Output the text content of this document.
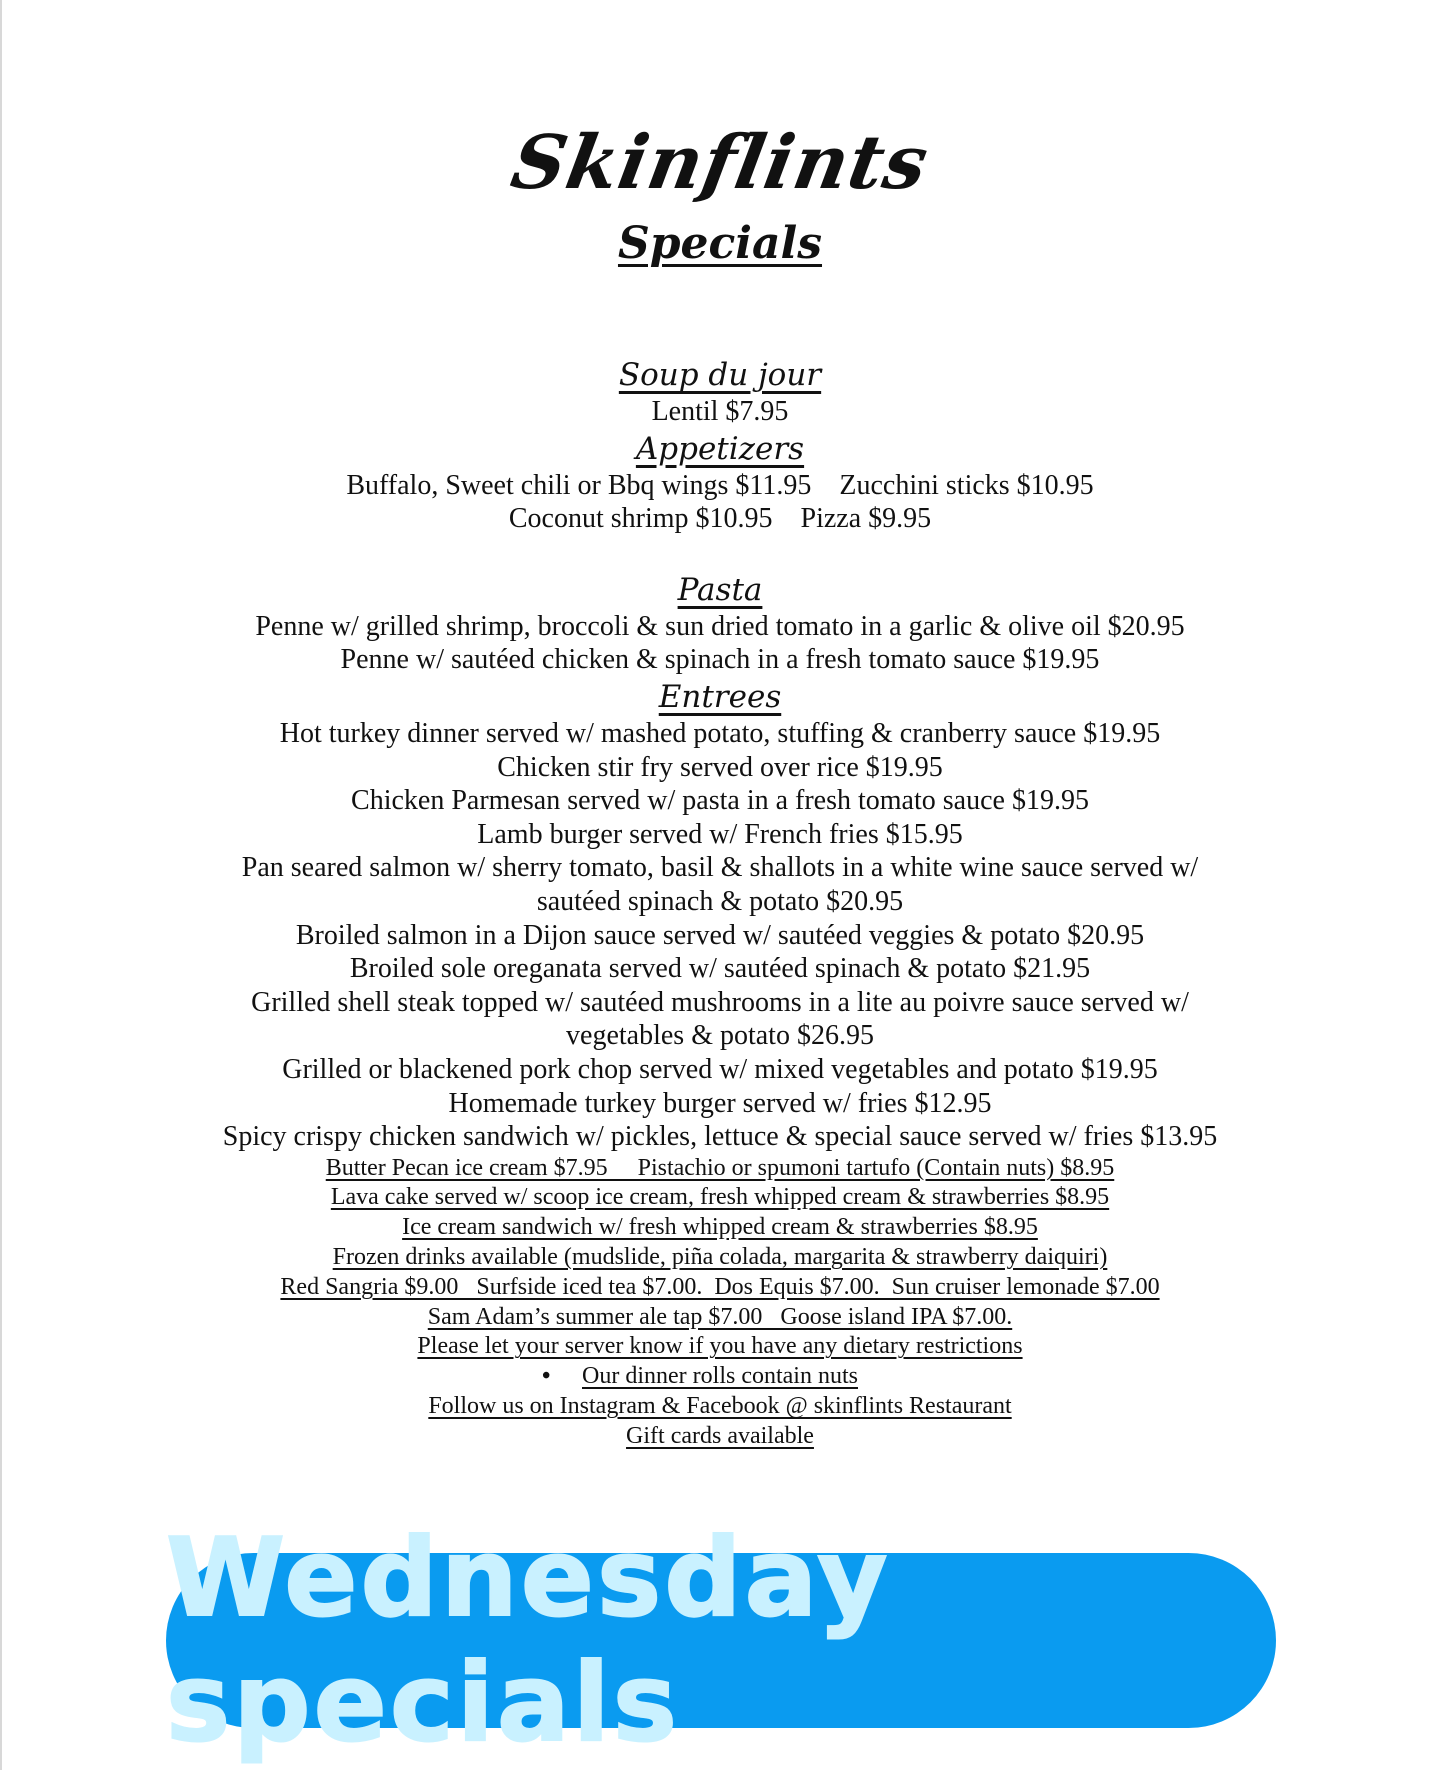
Skinflints
Specials

Soup du jour

Lentil $7.95

Appetizers

Buffalo, Sweet chili or Bbq wings $11.95    Zucchini sticks $10.95

Coconut shrimp $10.95    Pizza $9.95

Pasta

Penne w/ grilled shrimp, broccoli & sun dried tomato in a garlic & olive oil $20.95

Penne w/ sautéed chicken & spinach in a fresh tomato sauce $19.95

Entrees

Hot turkey dinner served w/ mashed potato, stuffing & cranberry sauce $19.95

Chicken stir fry served over rice $19.95

Chicken Parmesan served w/ pasta in a fresh tomato sauce $19.95

Lamb burger served w/ French fries $15.95

Pan seared salmon w/ sherry tomato, basil & shallots in a white wine sauce served w/

sautéed spinach & potato $20.95

Broiled salmon in a Dijon sauce served w/ sautéed veggies & potato $20.95

Broiled sole oreganata served w/ sautéed spinach & potato $21.95

Grilled shell steak topped w/ sautéed mushrooms in a lite au poivre sauce served w/

vegetables & potato $26.95

Grilled or blackened pork chop served w/ mixed vegetables and potato $19.95

Homemade turkey burger served w/ fries $12.95

Spicy crispy chicken sandwich w/ pickles, lettuce & special sauce served w/ fries $13.95

Butter Pecan ice cream $7.95     Pistachio or spumoni tartufo (Contain nuts) $8.95

Lava cake served w/ scoop ice cream, fresh whipped cream & strawberries $8.95

Ice cream sandwich w/ fresh whipped cream & strawberries $8.95

Frozen drinks available (mudslide, piña colada, margarita & strawberry daiquiri)

Red Sangria $9.00   Surfside iced tea $7.00.  Dos Equis $7.00.  Sun cruiser lemonade $7.00

Sam Adam’s summer ale tap $7.00   Goose island IPA $7.00.

Please let your server know if you have any dietary restrictions

• Our dinner rolls contain nuts

Follow us on Instagram & Facebook @ skinflints Restaurant

Gift cards available

Wednesday specials
